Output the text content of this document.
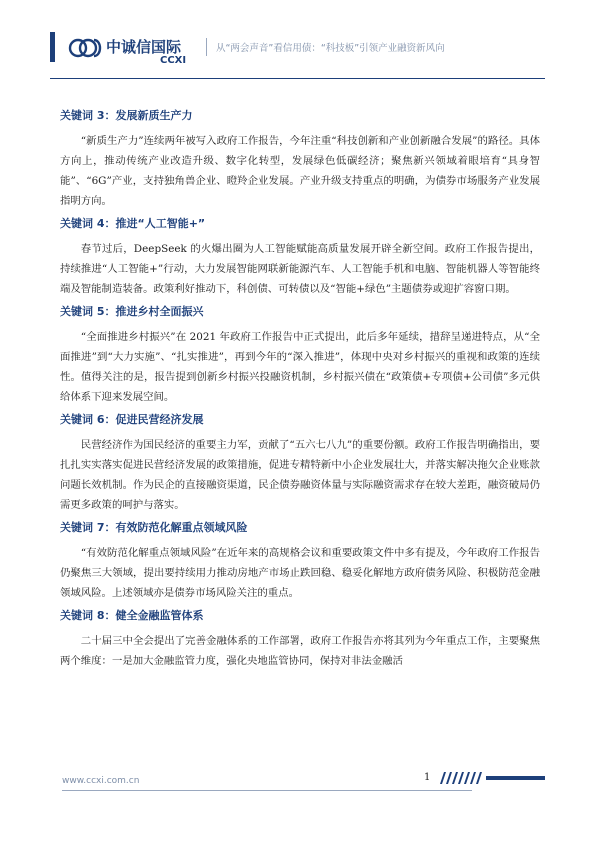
中诚信国际
CCXI
从“两会声音”看信用债：“科技板”引领产业融资新风向

关键词 3：发展新质生产力

“新质生产力”连续两年被写入政府工作报告，今年注重“科技创新和产业创新融合发展”的路径。具体方向上，推动传统产业改造升级、数字化转型，发展绿色低碳经济；聚焦新兴领域着眼培育“具身智能”、“6G”产业，支持独角兽企业、瞪羚企业发展。产业升级支持重点的明确，为债券市场服务产业发展指明方向。

关键词 4：推进“人工智能+”

春节过后，DeepSeek 的火爆出圈为人工智能赋能高质量发展开辟全新空间。政府工作报告提出，持续推进“人工智能+”行动，大力发展智能网联新能源汽车、人工智能手机和电脑、智能机器人等智能终端及智能制造装备。政策利好推动下，科创债、可转债以及“智能+绿色”主题债券或迎扩容窗口期。

关键词 5：推进乡村全面振兴

“全面推进乡村振兴”在 2021 年政府工作报告中正式提出，此后多年延续，措辞呈递进特点，从“全面推进”到“大力实施”、“扎实推进”，再到今年的“深入推进”，体现中央对乡村振兴的重视和政策的连续性。值得关注的是，报告提到创新乡村振兴投融资机制，乡村振兴债在“政策债+专项债+公司债”多元供给体系下迎来发展空间。

关键词 6：促进民营经济发展

民营经济作为国民经济的重要主力军，贡献了“五六七八九”的重要份额。政府工作报告明确指出，要扎扎实实落实促进民营经济发展的政策措施，促进专精特新中小企业发展壮大，并落实解决拖欠企业账款问题长效机制。作为民企的直接融资渠道，民企债券融资体量与实际融资需求存在较大差距，融资破局仍需更多政策的呵护与落实。

关键词 7：有效防范化解重点领域风险

“有效防范化解重点领域风险”在近年来的高规格会议和重要政策文件中多有提及，今年政府工作报告仍聚焦三大领域，提出要持续用力推动房地产市场止跌回稳、稳妥化解地方政府债务风险、积极防范金融领域风险。上述领域亦是债券市场风险关注的重点。

关键词 8：健全金融监管体系

二十届三中全会提出了完善金融体系的工作部署，政府工作报告亦将其列为今年重点工作，主要聚焦两个维度：一是加大金融监管力度，强化央地监管协同，保持对非法金融活

www.ccxi.com.cn	1
